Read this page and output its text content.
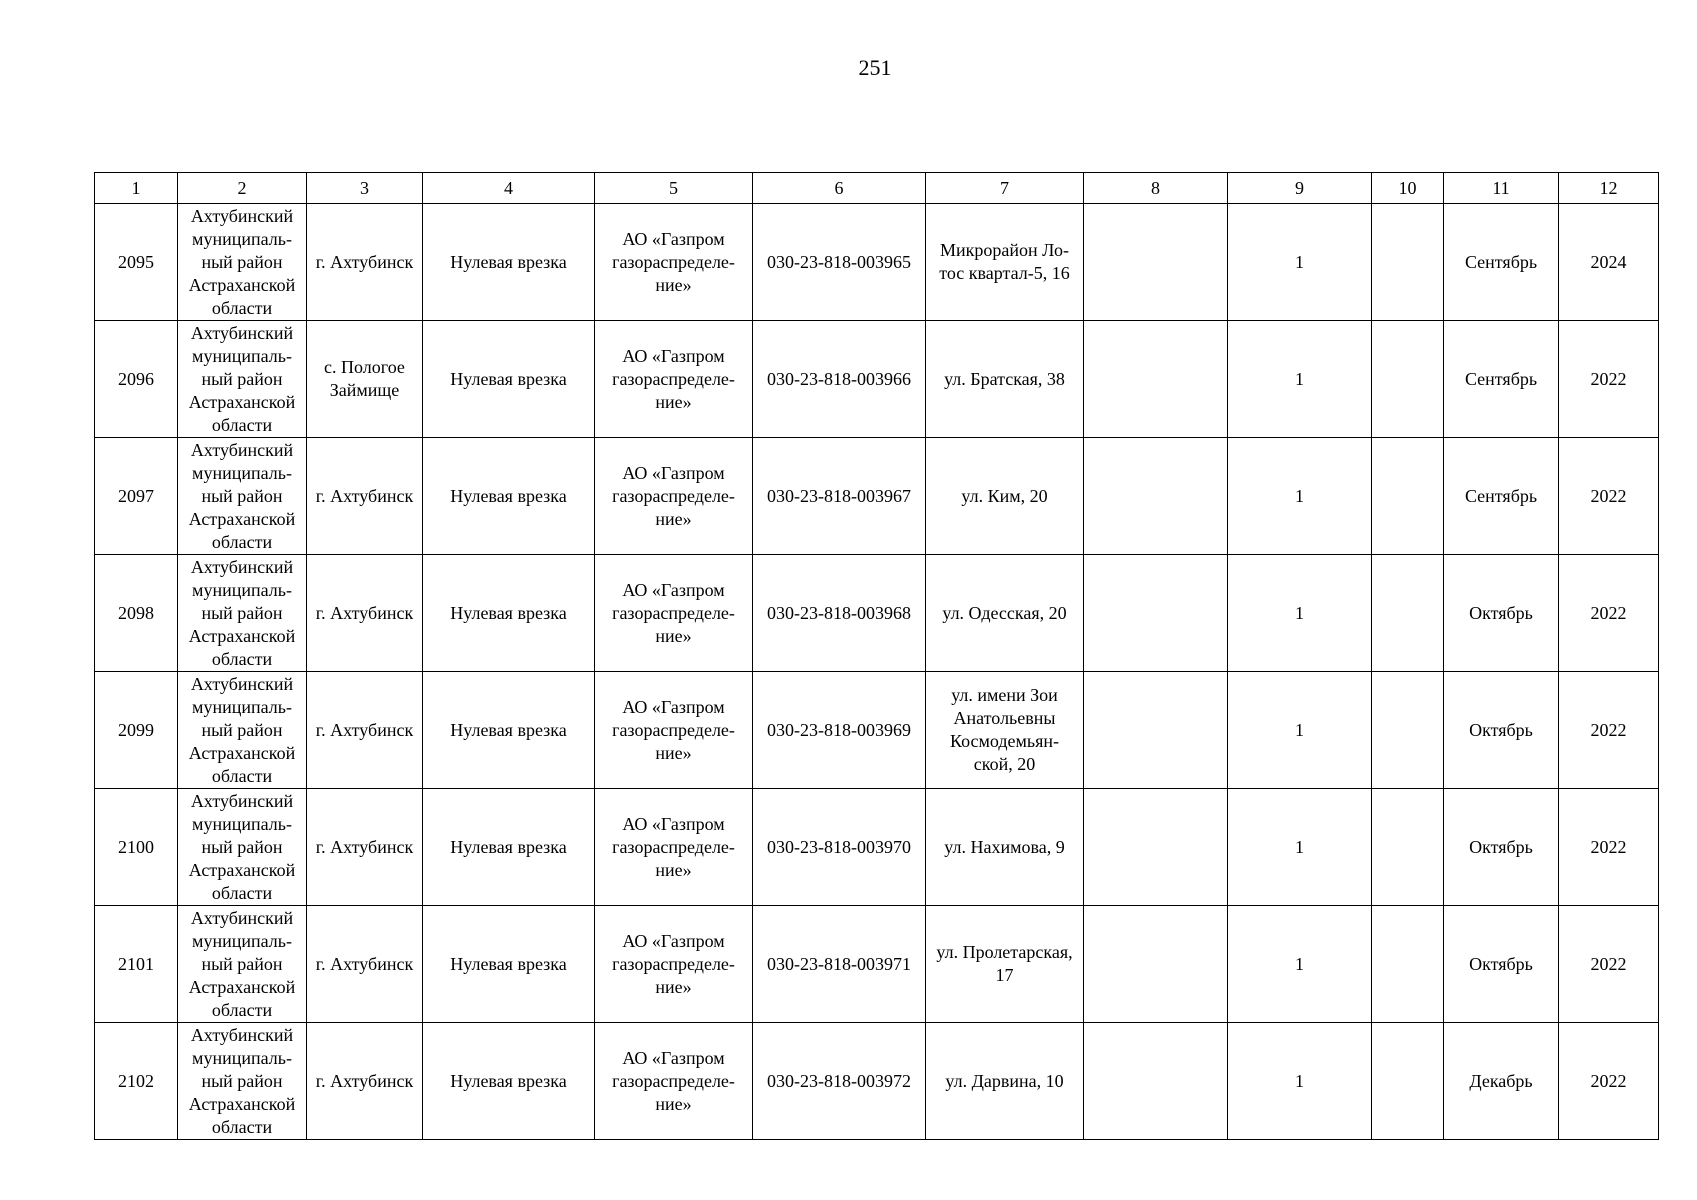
251
1	2	3	4	5	6	7	8	9	10	11	12
2095	Ахтубинский
муниципаль-
ный район
Астраханской
области	г. Ахтубинск	Нулевая врезка	АО «Газпром
газораспределе-
ние»	030-23-818-003965	Микрорайон Ло-
тос квартал-5, 16		1		Сентябрь	2024
2096	Ахтубинский
муниципаль-
ный район
Астраханской
области	с. Пологое
Займище	Нулевая врезка	АО «Газпром
газораспределе-
ние»	030-23-818-003966	ул. Братская, 38		1		Сентябрь	2022
2097	Ахтубинский
муниципаль-
ный район
Астраханской
области	г. Ахтубинск	Нулевая врезка	АО «Газпром
газораспределе-
ние»	030-23-818-003967	ул. Ким, 20		1		Сентябрь	2022
2098	Ахтубинский
муниципаль-
ный район
Астраханской
области	г. Ахтубинск	Нулевая врезка	АО «Газпром
газораспределе-
ние»	030-23-818-003968	ул. Одесская, 20		1		Октябрь	2022
2099	Ахтубинский
муниципаль-
ный район
Астраханской
области	г. Ахтубинск	Нулевая врезка	АО «Газпром
газораспределе-
ние»	030-23-818-003969	ул. имени Зои
Анатольевны
Космодемьян-
ской, 20		1		Октябрь	2022
2100	Ахтубинский
муниципаль-
ный район
Астраханской
области	г. Ахтубинск	Нулевая врезка	АО «Газпром
газораспределе-
ние»	030-23-818-003970	ул. Нахимова, 9		1		Октябрь	2022
2101	Ахтубинский
муниципаль-
ный район
Астраханской
области	г. Ахтубинск	Нулевая врезка	АО «Газпром
газораспределе-
ние»	030-23-818-003971	ул. Пролетарская,
17		1		Октябрь	2022
2102	Ахтубинский
муниципаль-
ный район
Астраханской
области	г. Ахтубинск	Нулевая врезка	АО «Газпром
газораспределе-
ние»	030-23-818-003972	ул. Дарвина, 10		1		Декабрь	2022
